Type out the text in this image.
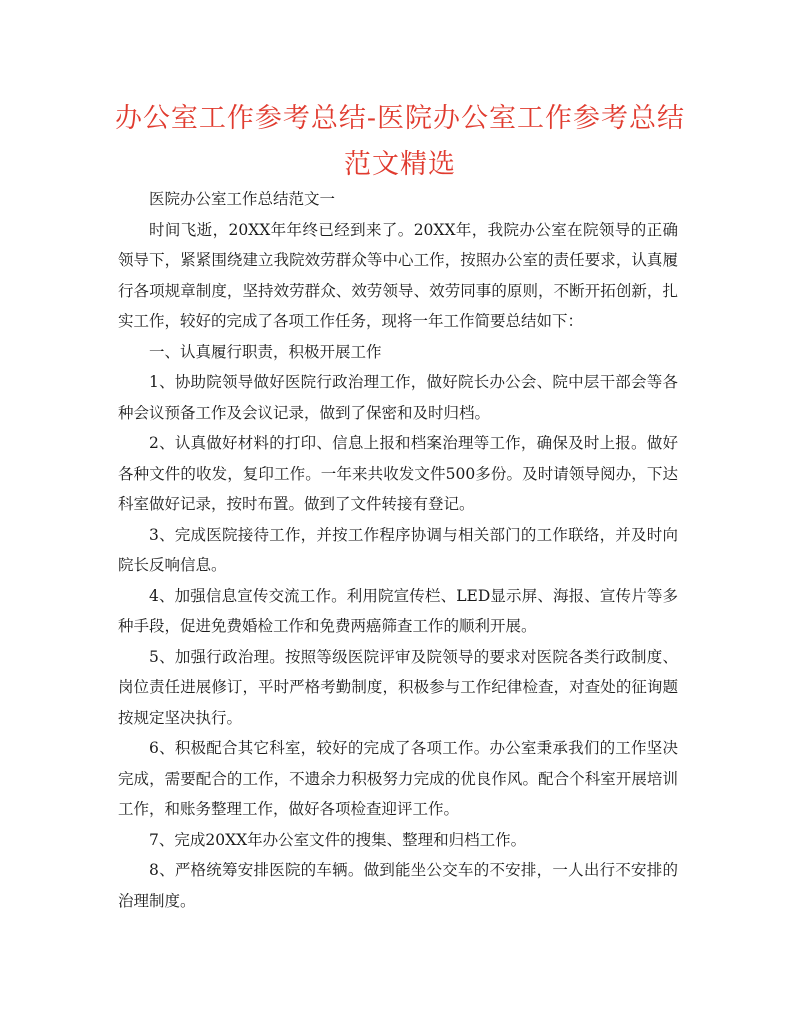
办公室工作参考总结-医院办公室工作参考总结
范文精选

医院办公室工作总结范文一

时间飞逝，20XX年年终已经到来了。20XX年，我院办公室在院领导的正确领导下，紧紧围绕建立我院效劳群众等中心工作，按照办公室的责任要求，认真履行各项规章制度，坚持效劳群众、效劳领导、效劳同事的原则，不断开拓创新，扎实工作，较好的完成了各项工作任务，现将一年工作简要总结如下：

一、认真履行职责，积极开展工作

1、协助院领导做好医院行政治理工作，做好院长办公会、院中层干部会等各种会议预备工作及会议记录，做到了保密和及时归档。

2、认真做好材料的打印、信息上报和档案治理等工作，确保及时上报。做好各种文件的收发，复印工作。一年来共收发文件500多份。及时请领导阅办，下达科室做好记录，按时布置。做到了文件转接有登记。

3、完成医院接待工作，并按工作程序协调与相关部门的工作联络，并及时向院长反响信息。

4、加强信息宣传交流工作。利用院宣传栏、LED显示屏、海报、宣传片等多种手段，促进免费婚检工作和免费两癌筛查工作的顺利开展。

5、加强行政治理。按照等级医院评审及院领导的要求对医院各类行政制度、岗位责任进展修订，平时严格考勤制度，积极参与工作纪律检查，对查处的征询题按规定坚决执行。

6、积极配合其它科室，较好的完成了各项工作。办公室秉承我们的工作坚决完成，需要配合的工作，不遗余力积极努力完成的优良作风。配合个科室开展培训工作，和账务整理工作，做好各项检查迎评工作。

7、完成20XX年办公室文件的搜集、整理和归档工作。

8、严格统筹安排医院的车辆。做到能坐公交车的不安排，一人出行不安排的治理制度。
